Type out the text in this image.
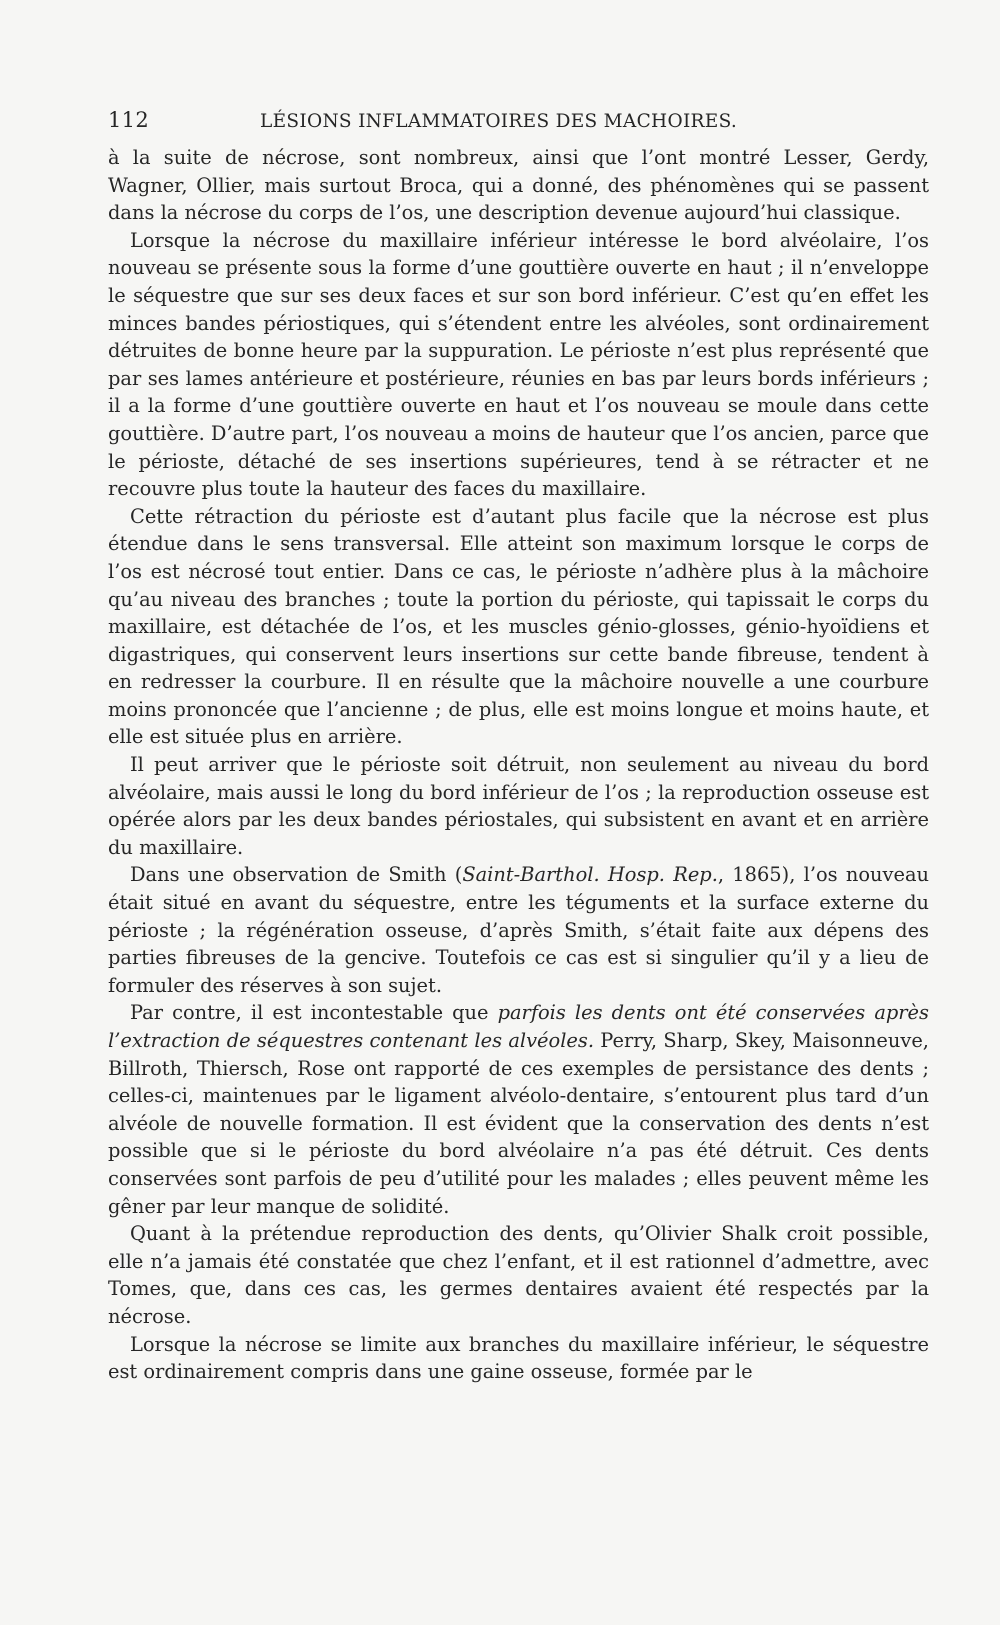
112	LÉSIONS INFLAMMATOIRES DES MACHOIRES.

à la suite de nécrose, sont nombreux, ainsi que l’ont montré Lesser, Gerdy, Wagner, Ollier, mais surtout Broca, qui a donné, des phénomènes qui se passent dans la nécrose du corps de l’os, une description devenue aujourd’hui classique.

Lorsque la nécrose du maxillaire inférieur intéresse le bord alvéolaire, l’os nouveau se présente sous la forme d’une gouttière ouverte en haut ; il n’enveloppe le séquestre que sur ses deux faces et sur son bord inférieur. C’est qu’en effet les minces bandes périostiques, qui s’étendent entre les alvéoles, sont ordinairement détruites de bonne heure par la suppuration. Le périoste n’est plus représenté que par ses lames antérieure et postérieure, réunies en bas par leurs bords inférieurs ; il a la forme d’une gouttière ouverte en haut et l’os nouveau se moule dans cette gouttière. D’autre part, l’os nouveau a moins de hauteur que l’os ancien, parce que le périoste, détaché de ses insertions supérieures, tend à se rétracter et ne recouvre plus toute la hauteur des faces du maxillaire.

Cette rétraction du périoste est d’autant plus facile que la nécrose est plus étendue dans le sens transversal. Elle atteint son maximum lorsque le corps de l’os est nécrosé tout entier. Dans ce cas, le périoste n’adhère plus à la mâchoire qu’au niveau des branches ; toute la portion du périoste, qui tapissait le corps du maxillaire, est détachée de l’os, et les muscles génio-glosses, génio-hyoïdiens et digastriques, qui conservent leurs insertions sur cette bande fibreuse, tendent à en redresser la courbure. Il en résulte que la mâchoire nouvelle a une courbure moins prononcée que l’ancienne ; de plus, elle est moins longue et moins haute, et elle est située plus en arrière.

Il peut arriver que le périoste soit détruit, non seulement au niveau du bord alvéolaire, mais aussi le long du bord inférieur de l’os ; la reproduction osseuse est opérée alors par les deux bandes périostales, qui subsistent en avant et en arrière du maxillaire.

Dans une observation de Smith (Saint-Barthol. Hosp. Rep., 1865), l’os nouveau était situé en avant du séquestre, entre les téguments et la surface externe du périoste ; la régénération osseuse, d’après Smith, s’était faite aux dépens des parties fibreuses de la gencive. Toutefois ce cas est si singulier qu’il y a lieu de formuler des réserves à son sujet.

Par contre, il est incontestable que parfois les dents ont été conservées après l’extraction de séquestres contenant les alvéoles. Perry, Sharp, Skey, Maisonneuve, Billroth, Thiersch, Rose ont rapporté de ces exemples de persistance des dents ; celles-ci, maintenues par le ligament alvéolo-dentaire, s’entourent plus tard d’un alvéole de nouvelle formation. Il est évident que la conservation des dents n’est possible que si le périoste du bord alvéolaire n’a pas été détruit. Ces dents conservées sont parfois de peu d’utilité pour les malades ; elles peuvent même les gêner par leur manque de solidité.

Quant à la prétendue reproduction des dents, qu’Olivier Shalk croit possible, elle n’a jamais été constatée que chez l’enfant, et il est rationnel d’admettre, avec Tomes, que, dans ces cas, les germes dentaires avaient été respectés par la nécrose.

Lorsque la nécrose se limite aux branches du maxillaire inférieur, le séquestre est ordinairement compris dans une gaine osseuse, formée par le
